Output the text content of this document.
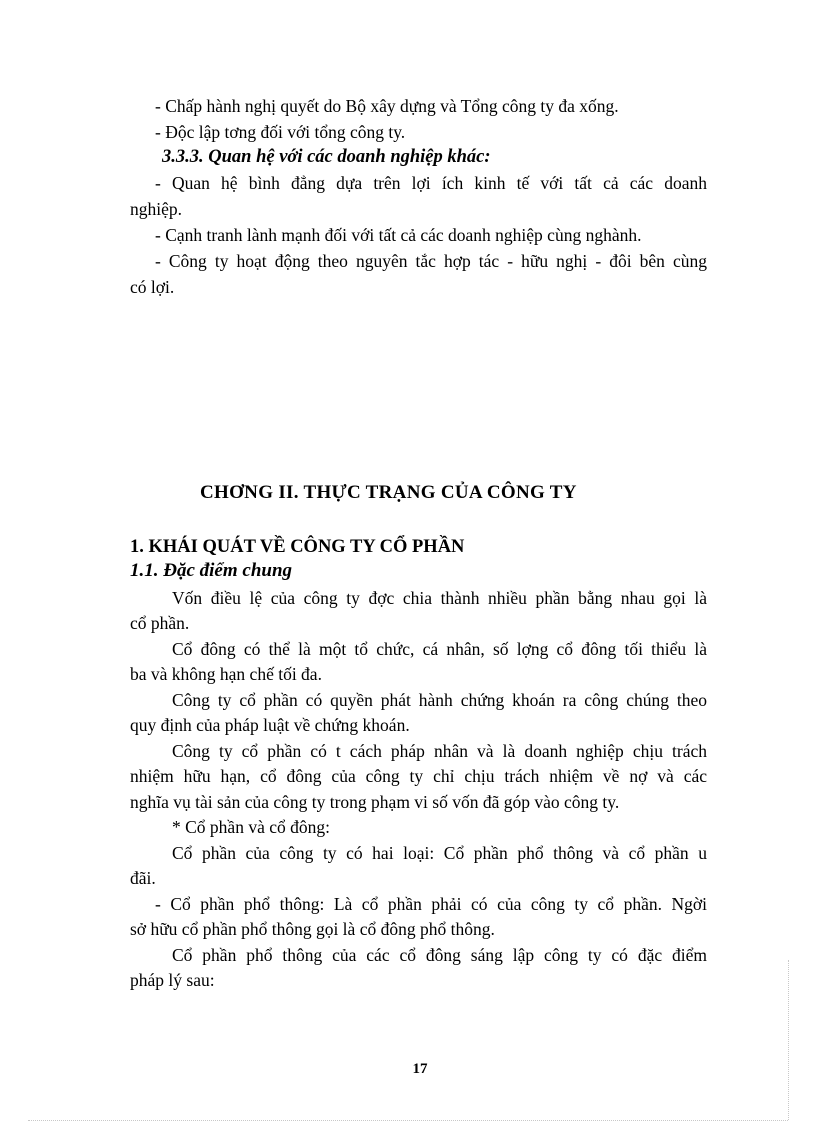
- Chấp hành nghị quyết do Bộ xây dựng và Tổng công ty đa xống.
- Độc lập tơng đối với tổng công ty.
3.3.3. Quan hệ với các doanh nghiệp khác:
- Quan hệ bình đẳng dựa trên lợi ích kinh tế với tất cả các doanh
nghiệp.
- Cạnh tranh lành mạnh đối với tất cả các doanh nghiệp cùng nghành.
- Công ty hoạt động theo nguyên tắc hợp tác - hữu nghị - đôi bên cùng
có lợi.
CHƠNG II. THỰC TRẠNG CỦA CÔNG TY
1. KHÁI QUÁT VỀ CÔNG TY CỔ PHẦN
1.1. Đặc điểm chung
Vốn điều lệ của công ty đợc chia thành nhiều phần bằng nhau gọi là
cổ phần.
Cổ đông có thể là một tổ chức, cá nhân, số lợng cổ đông tối thiểu là
ba và không hạn chế tối đa.
Công ty cổ phần có quyền phát hành chứng khoán ra công chúng theo
quy định của pháp luật về chứng khoán.
Công ty cổ phần có t cách pháp nhân và là doanh nghiệp chịu trách
nhiệm hữu hạn, cổ đông của công ty chỉ chịu trách nhiệm về nợ và các
nghĩa vụ tài sản của công ty trong phạm vi số vốn đã góp vào công ty.
* Cổ phần và cổ đông:
Cổ phần của công ty có hai loại: Cổ phần phổ thông và cổ phần u
đãi.
- Cổ phần phổ thông: Là cổ phần phải có của công ty cổ phần. Ngời
sở hữu cổ phần phổ thông gọi là cổ đông phổ thông.
Cổ phần phổ thông của các cổ đông sáng lập công ty có đặc điểm
pháp lý sau:
17
